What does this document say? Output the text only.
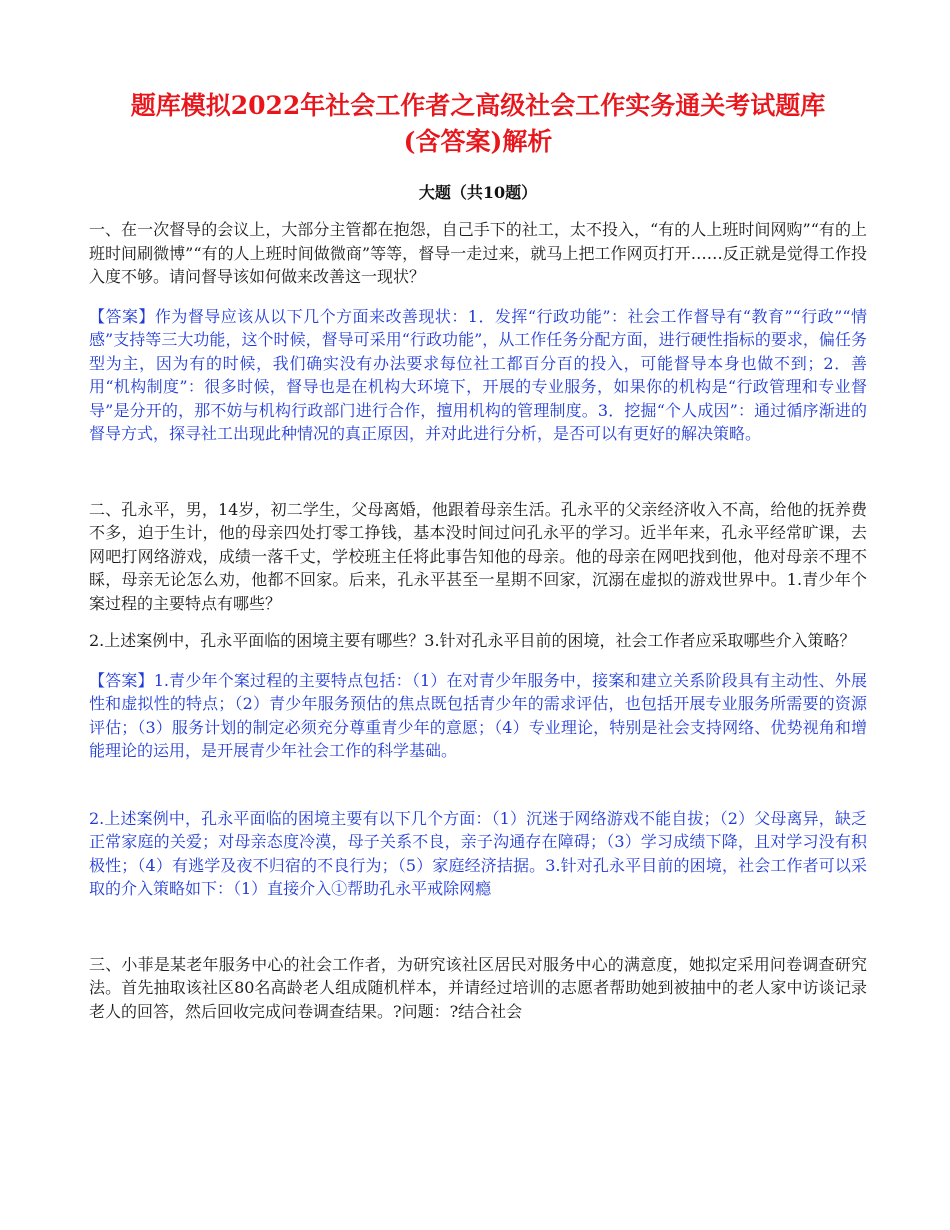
题库模拟2022年社会工作者之高级社会工作实务通关考试题库
(含答案)解析
大题（共10题）

一、在一次督导的会议上，大部分主管都在抱怨，自己手下的社工，太不投入，“有的人上班时间网购”“有的上班时间刷微博”“有的人上班时间做微商”等等，督导一走过来，就马上把工作网页打开……反正就是觉得工作投入度不够。请问督导该如何做来改善这一现状？

【答案】作为督导应该从以下几个方面来改善现状：1．发挥“行政功能”：社会工作督导有“教育”“行政”“情感”支持等三大功能，这个时候，督导可采用“行政功能”，从工作任务分配方面，进行硬性指标的要求，偏任务型为主，因为有的时候，我们确实没有办法要求每位社工都百分百的投入，可能督导本身也做不到；2．善用“机构制度”：很多时候，督导也是在机构大环境下，开展的专业服务，如果你的机构是“行政管理和专业督导”是分开的，那不妨与机构行政部门进行合作，擅用机构的管理制度。3．挖掘“个人成因”：通过循序渐进的督导方式，探寻社工出现此种情况的真正原因，并对此进行分析，是否可以有更好的解决策略。

二、孔永平，男，14岁，初二学生，父母离婚，他跟着母亲生活。孔永平的父亲经济收入不高，给他的抚养费不多，迫于生计，他的母亲四处打零工挣钱，基本没时间过问孔永平的学习。近半年来，孔永平经常旷课，去网吧打网络游戏，成绩一落千丈，学校班主任将此事告知他的母亲。他的母亲在网吧找到他，他对母亲不理不睬，母亲无论怎么劝，他都不回家。后来，孔永平甚至一星期不回家，沉溺在虚拟的游戏世界中。1.青少年个案过程的主要特点有哪些？

2.上述案例中，孔永平面临的困境主要有哪些？3.针对孔永平目前的困境，社会工作者应采取哪些介入策略？

【答案】1.青少年个案过程的主要特点包括：（1）在对青少年服务中，接案和建立关系阶段具有主动性、外展性和虚拟性的特点；（2）青少年服务预估的焦点既包括青少年的需求评估，也包括开展专业服务所需要的资源评估；（3）服务计划的制定必须充分尊重青少年的意愿；（4）专业理论，特别是社会支持网络、优势视角和增能理论的运用，是开展青少年社会工作的科学基础。

2.上述案例中，孔永平面临的困境主要有以下几个方面：（1）沉迷于网络游戏不能自拔；（2）父母离异，缺乏正常家庭的关爱；对母亲态度冷漠，母子关系不良，亲子沟通存在障碍；（3）学习成绩下降，且对学习没有积极性；（4）有逃学及夜不归宿的不良行为；（5）家庭经济拮据。3.针对孔永平目前的困境，社会工作者可以采取的介入策略如下：（1）直接介入①帮助孔永平戒除网瘾

三、小菲是某老年服务中心的社会工作者，为研究该社区居民对服务中心的满意度，她拟定采用问卷调查研究法。首先抽取该社区80名高龄老人组成随机样本，并请经过培训的志愿者帮助她到被抽中的老人家中访谈记录老人的回答，然后回收完成问卷调查结果。?问题：?结合社会
